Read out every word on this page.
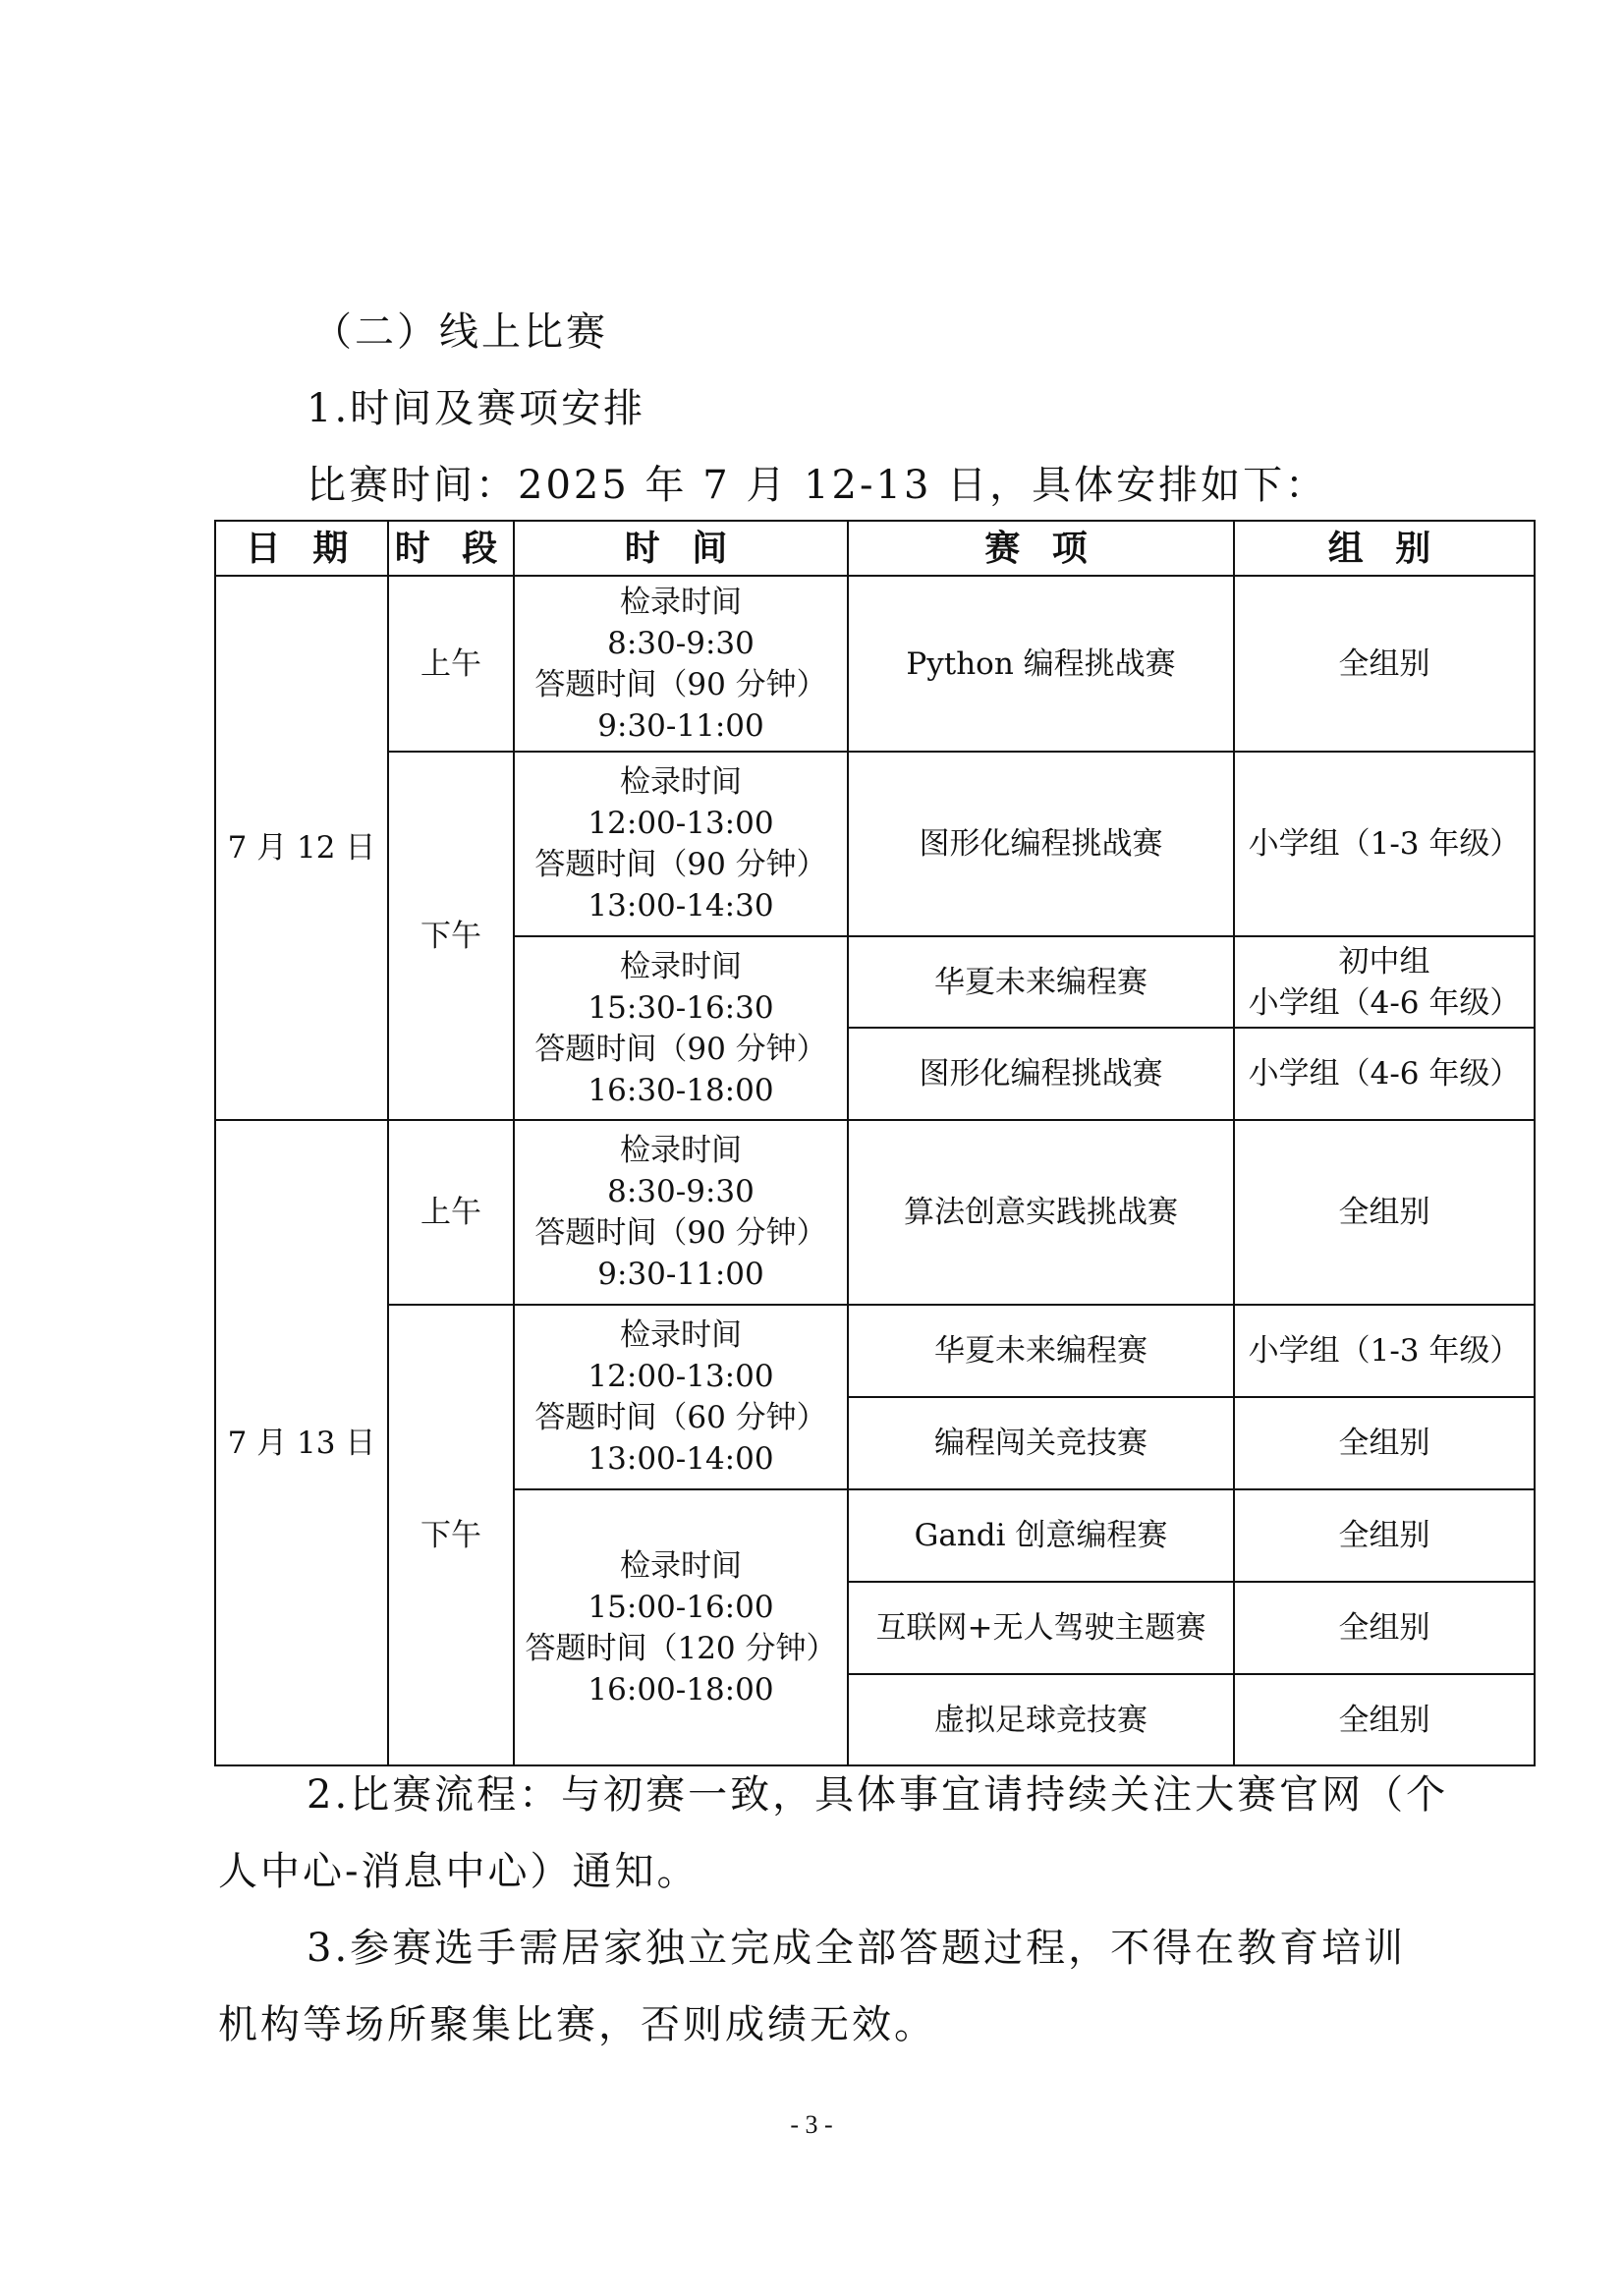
（二）线上比赛

1.时间及赛项安排

比赛时间：2025 年 7 月 12-13 日，具体安排如下：

日 期	时 段	时 间	赛 项	组 别
7 月 12 日	上午	检录时间
8:30-9:30
答题时间（90 分钟）
9:30-11:00	Python 编程挑战赛	全组别
	下午	检录时间
12:00-13:00
答题时间（90 分钟）
13:00-14:30	图形化编程挑战赛	小学组（1-3 年级）

		检录时间
15:30-16:30
答题时间（90 分钟）
16:30-18:00	华夏未来编程赛	初中组
小学组（4-6 年级）

			图形化编程挑战赛	小学组（4-6 年级）
7 月 13 日	上午	检录时间
8:30-9:30
答题时间（90 分钟）
9:30-11:00	算法创意实践挑战赛	全组别
	下午	检录时间
12:00-13:00
答题时间（60 分钟）
13:00-14:00	华夏未来编程赛	小学组（1-3 年级）
			编程闯关竞技赛	全组别

		检录时间
15:00-16:00
答题时间（120 分钟）
16:00-18:00	Gandi 创意编程赛	全组别
			互联网+无人驾驶主题赛	全组别
			虚拟足球竞技赛	全组别

2.比赛流程：与初赛一致，具体事宜请持续关注大赛官网（个

人中心-消息中心）通知。

3.参赛选手需居家独立完成全部答题过程，不得在教育培训

机构等场所聚集比赛，否则成绩无效。

- 3 -
